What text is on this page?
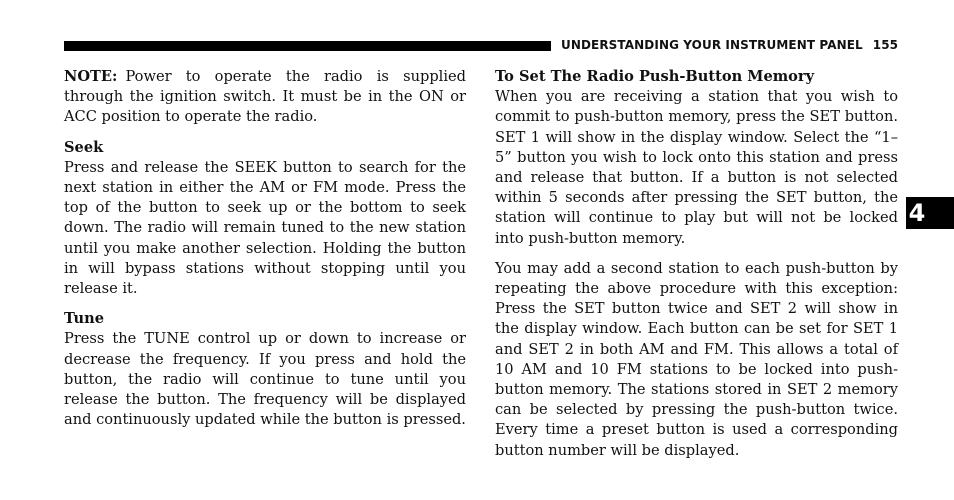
UNDERSTANDING YOUR INSTRUMENT PANEL 155

NOTE: Power to operate the radio is supplied through the ignition switch. It must be in the ON or ACC position to operate the radio.

Seek

Press and release the SEEK button to search for the next station in either the AM or FM mode. Press the top of the button to seek up or the bottom to seek down. The radio will remain tuned to the new station until you make another selection. Holding the button in will bypass stations without stopping until you release it.

Tune

Press the TUNE control up or down to increase or decrease the frequency. If you press and hold the button, the radio will continue to tune until you release the button. The frequency will be displayed and continuously updated while the button is pressed.

To Set The Radio Push-Button Memory

When you are receiving a station that you wish to commit to push-button memory, press the SET button. SET 1 will show in the display window. Select the “1–5” button you wish to lock onto this station and press and release that button. If a button is not selected within 5 seconds after pressing the SET button, the station will continue to play but will not be locked into push-button memory.

You may add a second station to each push-button by repeating the above procedure with this exception: Press the SET button twice and SET 2 will show in the display window. Each button can be set for SET 1 and SET 2 in both AM and FM. This allows a total of 10 AM and 10 FM stations to be locked into push-button memory. The stations stored in SET 2 memory can be selected by pressing the push-button twice. Every time a preset button is used a corresponding button number will be displayed.

4
